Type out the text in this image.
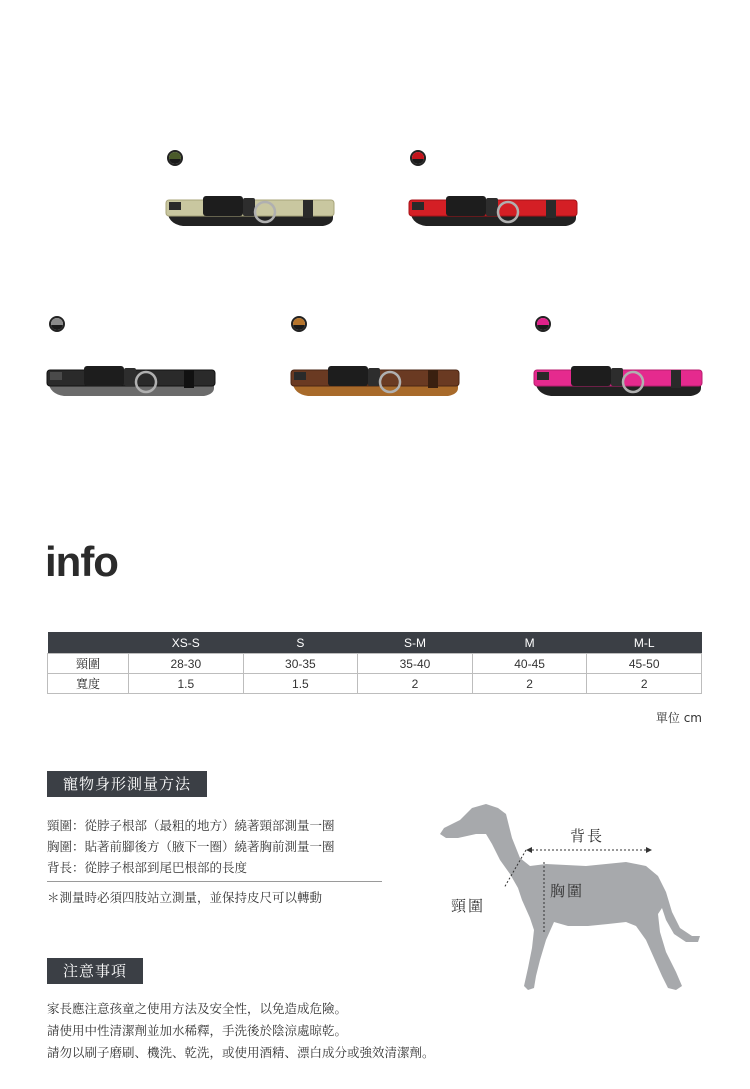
info
	XS-S	S	S-M	M	M-L
頸圍	28-30	30-35	35-40	40-45	45-50
寬度	1.5	1.5	2	2	2
單位 cm
寵物身形測量方法
頸圍：從脖子根部（最粗的地方）繞著頸部測量一圈
胸圍：貼著前腳後方（腋下一圈）繞著胸前測量一圈
背長：從脖子根部到尾巴根部的長度
＊測量時必須四肢站立測量，並保持皮尺可以轉動
背長
胸圍
頸圍
注意事項
家長應注意孩童之使用方法及安全性，以免造成危險。
請使用中性清潔劑並加水稀釋，手洗後於陰涼處晾乾。
請勿以刷子磨刷、機洗、乾洗，或使用酒精、漂白成分或強效清潔劑。
